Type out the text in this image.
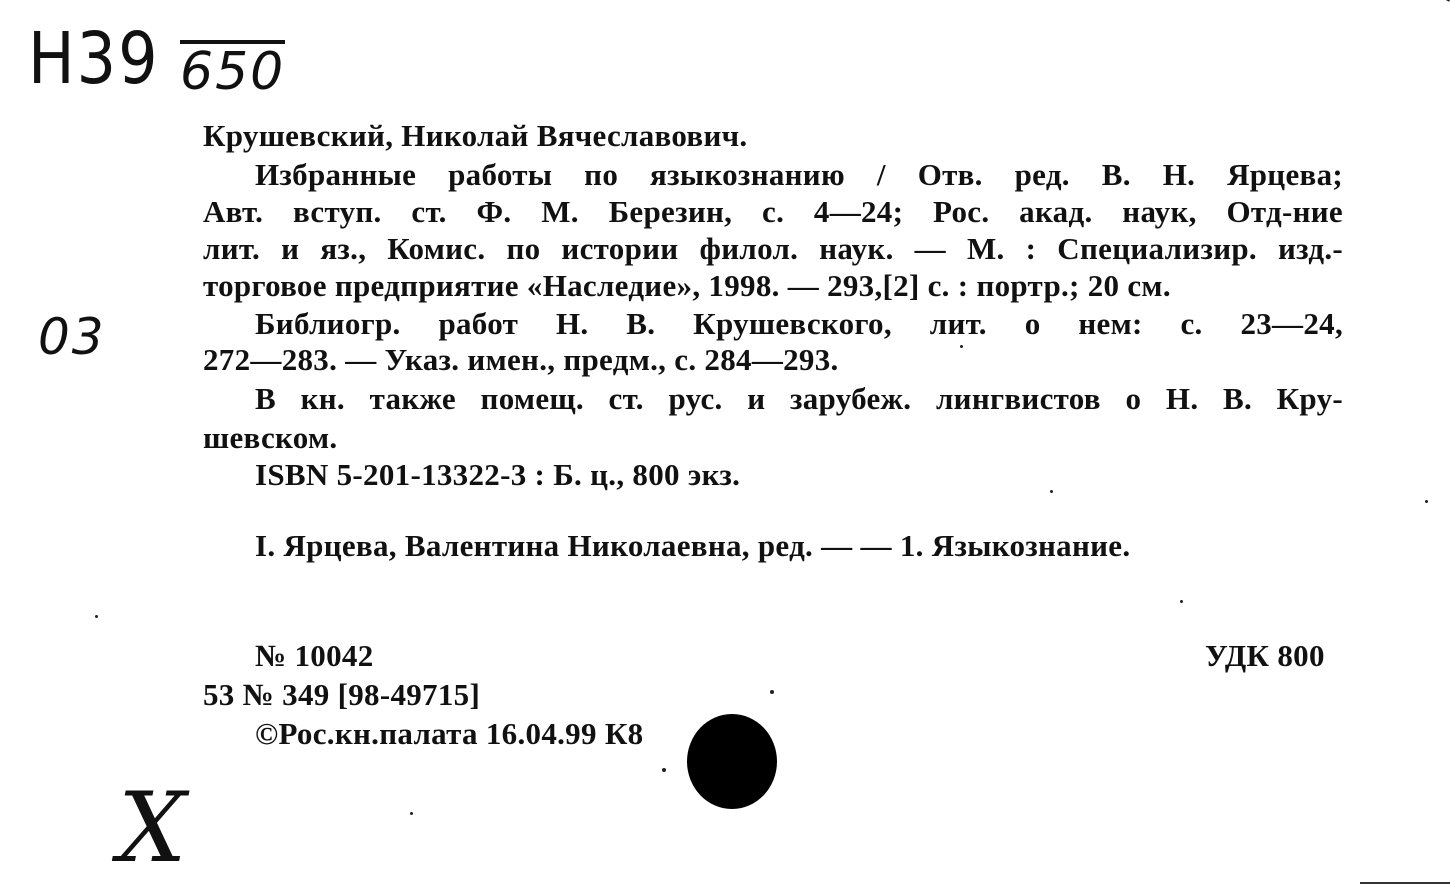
Н39 650
03
Х
Крушевский, Николай Вячеславович.
Избранные работы по языкознанию / Отв. ред. В. Н. Ярцева;
Авт. вступ. ст. Ф. М. Березин, с. 4—24; Рос. акад. наук, Отд-ние
лит. и яз., Комис. по истории филол. наук. — М. : Специализир. изд.-
торговое предприятие «Наследие», 1998. — 293,[2] с. : портр.; 20 см.
Библиогр. работ Н. В. Крушевского, лит. о нем: с. 23—24,
272—283. — Указ. имен., предм., с. 284—293.
В кн. также помещ. ст. рус. и зарубеж. лингвистов о Н. В. Кру-
шевском.
ISBN 5-201-13322-3 : Б. ц., 800 экз.
I. Ярцева, Валентина Николаевна, ред. — — 1. Языкознание.
№ 10042	УДК 800
53 № 349 [98-49715]
©Рос.кн.палата 16.04.99 К8
